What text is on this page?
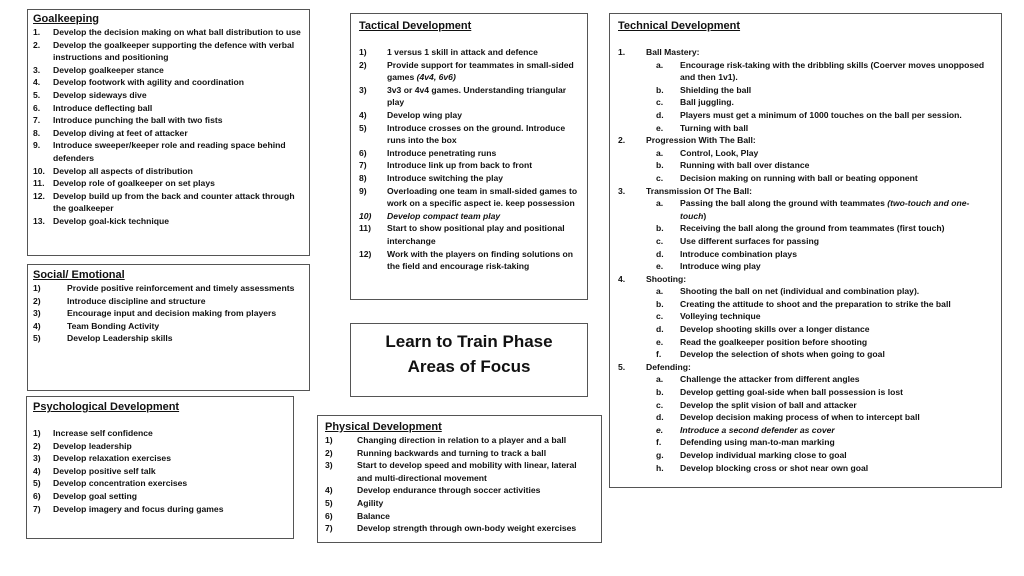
Goalkeeping
1.	Develop the decision making on what ball distribution to use
2.	Develop the goalkeeper supporting the defence with verbal instructions and positioning
3.	Develop goalkeeper stance
4.	Develop footwork with agility and coordination
5.	Develop sideways dive
6.	Introduce deflecting ball
7.	Introduce punching the ball with two fists
8.	Develop diving at feet of attacker
9.	Introduce sweeper/keeper role and reading space behind defenders
10. Develop all aspects of distribution
11. Develop role of goalkeeper on set plays
12. Develop build up from the back and counter attack through the goalkeeper
13. Develop goal-kick technique
Social/ Emotional
1)	Provide positive reinforcement and timely assessments
2)	Introduce discipline and structure
3)	Encourage input and decision making from players
4)	Team Bonding Activity
5)	Develop Leadership skills
Psychological Development
1)	Increase self confidence
2)	Develop leadership
3)	Develop relaxation exercises
4)	Develop positive self talk
5)	Develop concentration exercises
6)	Develop goal setting
7)	Develop imagery and focus during games
Tactical Development
1)	1 versus 1 skill in attack and defence
2)	Provide support for teammates in small-sided games (4v4, 6v6)
3)	3v3 or 4v4 games. Understanding triangular play
4)	Develop wing play
5)	Introduce crosses on the ground. Introduce runs into the box
6)	Introduce penetrating runs
7)	Introduce link up from back to front
8)	Introduce switching the play
9)	Overloading one team in small-sided games to work on a specific aspect ie. keep possession
10)	Develop compact team play
11)	Start to show positional play and positional interchange
12)	Work with the players on finding solutions on the field and encourage risk-taking
Learn to Train Phase
Areas of Focus
Physical Development
1)	Changing direction in relation to a player and a ball
2)	Running backwards and turning to track a ball
3)	Start to develop speed and mobility with linear, lateral and multi-directional movement
4)	Develop endurance through soccer activities
5)	Agility
6)	Balance
7)	Develop strength through own-body weight exercises
Technical Development
1.	Ball Mastery:
a.	Encourage risk-taking with the dribbling skills (Coerver moves unopposed and then 1v1).
b.	Shielding the ball
c.	Ball juggling.
d.	Players must get a minimum of 1000 touches on the ball per session.
e.	Turning with ball
2.	Progression With The Ball:
a.	Control, Look, Play
b.	Running with ball over distance
c.	Decision making on running with ball or beating opponent
3.	Transmission Of The Ball:
a.	Passing the ball along the ground with teammates (two-touch and one-touch)
b.	Receiving the ball along the ground from teammates (first touch)
c.	Use different surfaces for passing
d.	Introduce combination plays
e.	Introduce wing play
4.	Shooting:
a.	Shooting the ball on net (individual and combination play).
b.	Creating the attitude to shoot and the preparation to strike the ball
c.	Volleying technique
d.	Develop shooting skills over a longer distance
e.	Read the goalkeeper position before shooting
f.	Develop the selection of shots when going to goal
5.	Defending:
a.	Challenge the attacker from different angles
b.	Develop getting goal-side when ball possession is lost
c.	Develop the split vision of ball and attacker
d.	Develop decision making process of when to intercept ball
e.	Introduce a second defender as cover
f.	Defending using man-to-man marking
g.	Develop individual marking close to goal
h.	Develop blocking cross or shot near own goal
